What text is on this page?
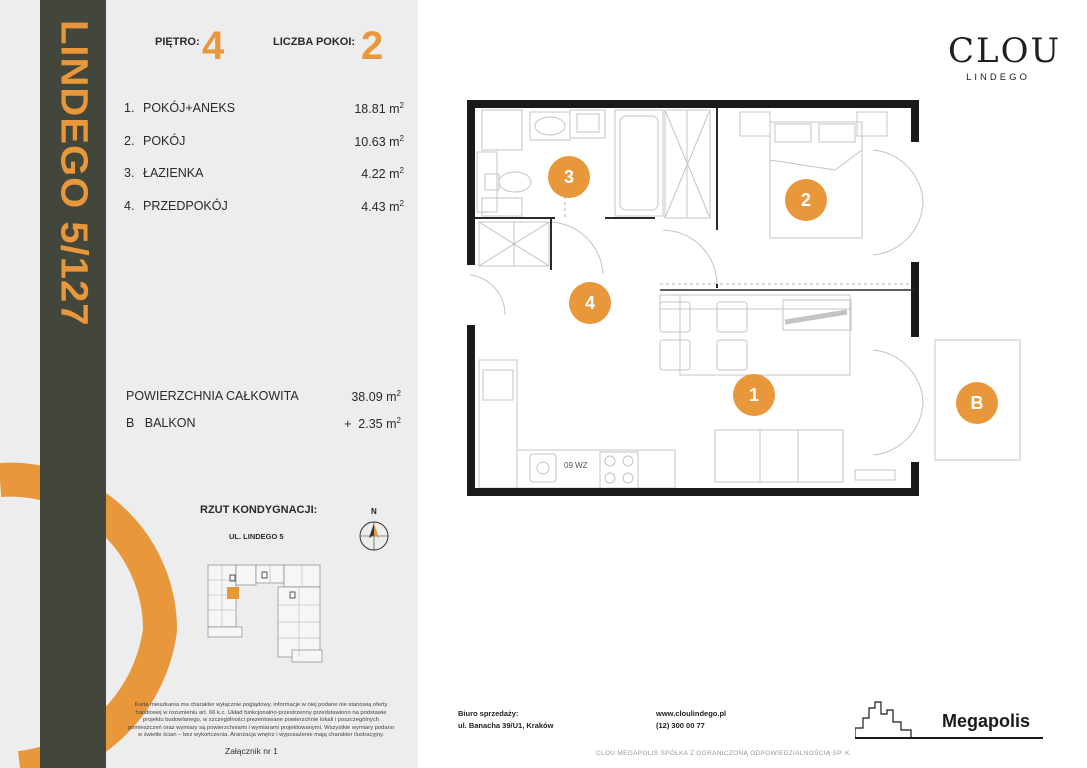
LINDEGO 5/127	PIĘTRO: 4	LICZBA POKOI: 2
1. POKÓJ+ANEKS	18.81 $m^2$
2. POKÓJ	10.63 $m^2$
3. ŁAZIENKA	4.22 $m^2$
4. PRZEDPOKÓJ	4.43 $m^2$
POWIERZCHNIA CAŁKOWITA	38.09 $m^2$
B   BALKON	+  2.35 $m^2$
RZUT KONDYGNACJI:
UL. LINDEGO 5
N
Karta mieszkania ma charakter wyłącznie poglądowy, informacje w niej podane nie stanowią oferty handlowej w rozumieniu art. 66 k.c. Układ funkcjonalno-przestrzenny przedstawiono na podstawie projektu budowlanego, w szczególności prezentowane powierzchnie lokali i poszczególnych pomieszczeń oraz wymiary są powierzchniami i wymiarami projektowanymi. Wszystkie wymiary podano w świetle ścian – bez wykończenia. Aranżacja wnętrz i wyposażenie mają charakter ilustracyjny.
Załącznik nr 1
CLOU
LINDEGO
09 WZ
3
2
4
1	B
Biuro sprzedaży:
ul. Banacha 39/U1, Kraków
www.cloulindego.pl
(12) 300 00 77
CLOU MEGAPOLIS SPÓŁKA Z OGRANICZONĄ ODPOWIEDZIALNOŚCIĄ SP. K.
Megapolis
